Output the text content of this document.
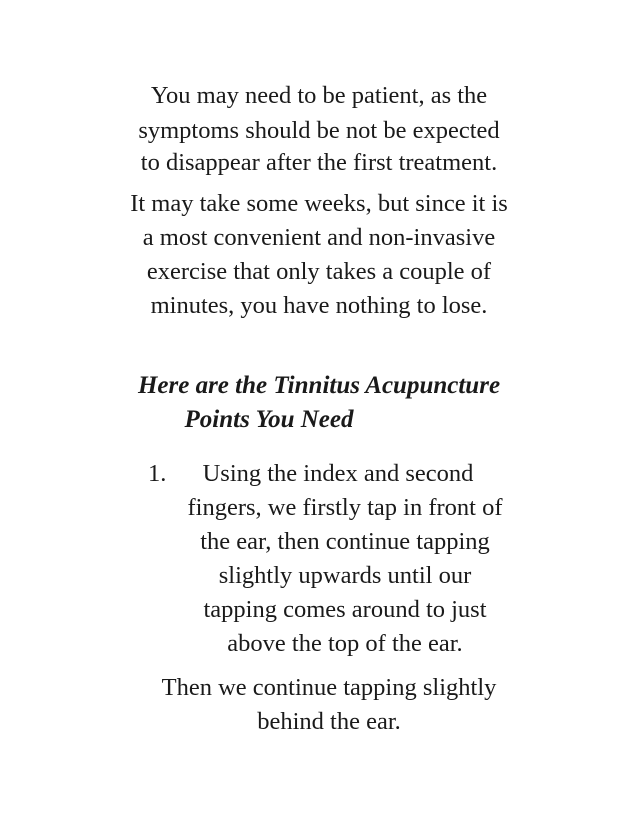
You may need to be patient, as the
symptoms should be not be expected
to disappear after the first treatment.
It may take some weeks, but since it is
a most convenient and non-invasive
exercise that only takes a couple of
minutes, you have nothing to lose.
Here are the Tinnitus Acupuncture
Points You Need
1.	Using the index and second
fingers, we firstly tap in front of
the ear, then continue tapping
slightly upwards until our
tapping comes around to just
above the top of the ear.
Then we continue tapping slightly
behind the ear.
